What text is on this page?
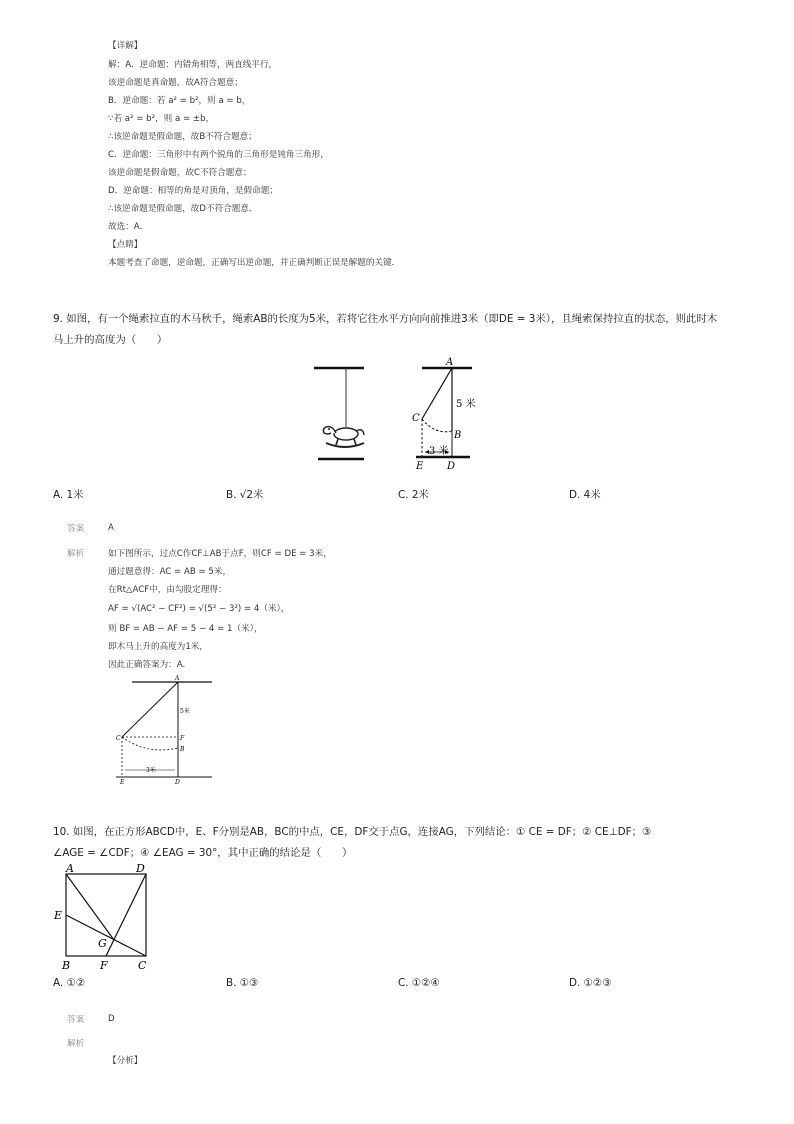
【详解】
解：A．逆命题：内错角相等，两直线平行，
该逆命题是真命题，故A符合题意；
B．逆命题：若 a² = b²，则 a = b，
∵若 a² = b²，则 a = ±b，
∴该逆命题是假命题，故B不符合题意；
C．逆命题：三角形中有两个锐角的三角形是钝角三角形，
该逆命题是假命题，故C不符合题意；
D．逆命题：相等的角是对顶角，是假命题；
∴该逆命题是假命题，故D不符合题意．
故选：A．
【点睛】
本题考查了命题，逆命题，正确写出逆命题，并正确判断正误是解题的关键．
9. 如图，有一个绳索拉直的木马秋千，绳索AB的长度为5米，若将它往水平方向向前推进3米（即DE = 3米），且绳索保持拉直的状态，则此时木
马上升的高度为（　　）
A
C
B
5 米
3 米
E D
A. 1米	B. √2米	C. 2米	D. 4米
答案	A
解析	如下图所示，过点C作CF⊥AB于点F，则CF = DE = 3米，
通过题意得：AC = AB = 5米，
在Rt△ACF中，由勾股定理得：
AF = √(AC² − CF²) = √(5² − 3²) = 4（米），
则 BF = AB − AF = 5 − 4 = 1（米），
即木马上升的高度为1米，
因此正确答案为：A.
A
C	F
B
5米
3米
E	D
10. 如图，在正方形ABCD中，E、F分别是AB，BC的中点，CE，DF交于点G，连接AG，下列结论：① CE = DF；② CE⊥DF；③
∠AGE = ∠CDF；④ ∠EAG = 30°，其中正确的结论是（　　）
A	D
E
G
B	F	C
A. ①②	B. ①③	C. ①②④	D. ①②③
答案	D
解析
【分析】
